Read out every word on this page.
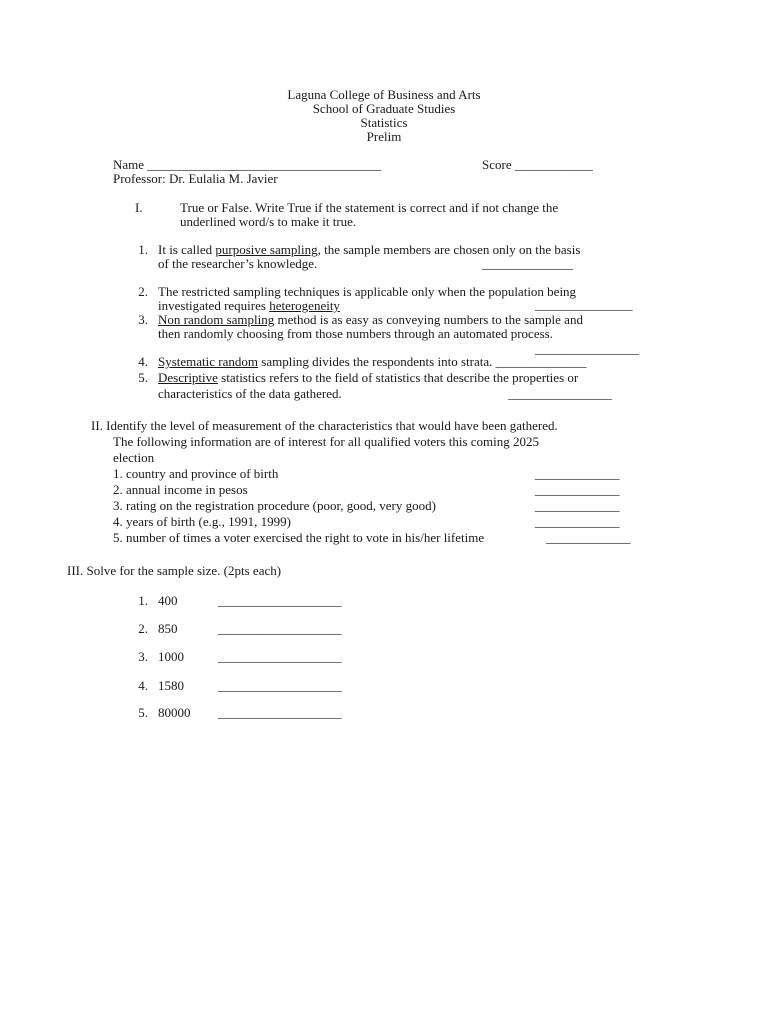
Laguna College of Business and Arts
School of Graduate Studies
Statistics
Prelim
Name ____________________________________	Score ____________
Professor: Dr. Eulalia M. Javier
I.	True or False. Write True if the statement is correct and if not change the
underlined word/s to make it true.
1. It is called purposive sampling, the sample members are chosen only on the basis
of the researcher’s knowledge.	______________
2. The restricted sampling techniques is applicable only when the population being
investigated requires heterogeneity	_______________
3. Non random sampling method is as easy as conveying numbers to the sample and
then randomly choosing from those numbers through an automated process.
________________
4. Systematic random sampling divides the respondents into strata. ______________
5. Descriptive statistics refers to the field of statistics that describe the properties or
characteristics of the data gathered.	________________
II. Identify the level of measurement of the characteristics that would have been gathered.
The following information are of interest for all qualified voters this coming 2025
election
1. country and province of birth	_____________
2. annual income in pesos	_____________
3. rating on the registration procedure (poor, good, very good)	_____________
4. years of birth (e.g., 1991, 1999)	_____________
5. number of times a voter exercised the right to vote in his/her lifetime	_____________
III. Solve for the sample size. (2pts each)
1. 400	___________________
2. 850	___________________
3. 1000	___________________
4. 1580	___________________
5. 80000 ___________________
